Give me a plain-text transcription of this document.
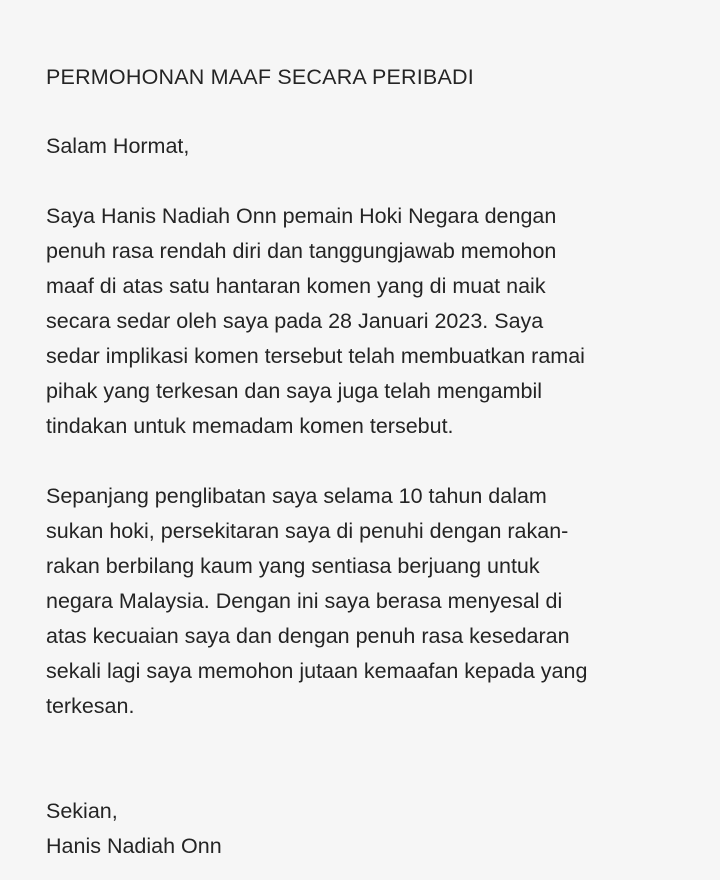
PERMOHONAN MAAF SECARA PERIBADI
Salam Hormat,
Saya Hanis Nadiah Onn pemain Hoki Negara dengan
penuh rasa rendah diri dan tanggungjawab memohon
maaf di atas satu hantaran komen yang di muat naik
secara sedar oleh saya pada 28 Januari 2023. Saya
sedar implikasi komen tersebut telah membuatkan ramai
pihak yang terkesan dan saya juga telah mengambil
tindakan untuk memadam komen tersebut.
Sepanjang penglibatan saya selama 10 tahun dalam
sukan hoki, persekitaran saya di penuhi dengan rakan-
rakan berbilang kaum yang sentiasa berjuang untuk
negara Malaysia. Dengan ini saya berasa menyesal di
atas kecuaian saya dan dengan penuh rasa kesedaran
sekali lagi saya memohon jutaan kemaafan kepada yang
terkesan.
Sekian,
Hanis Nadiah Onn
